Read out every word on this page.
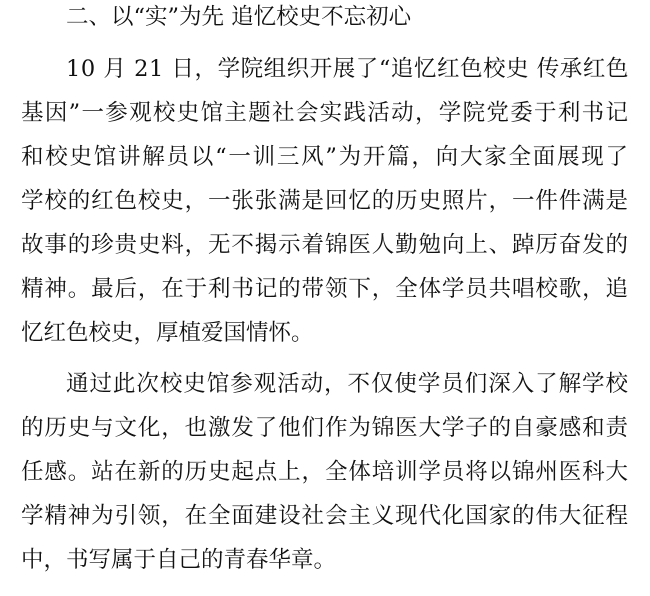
二、以“实”为先 追忆校史不忘初心
10 月 21 日，学院组织开展了“追忆红色校史 传承红色
基因”一参观校史馆主题社会实践活动，学院党委于利书记
和校史馆讲解员以“一训三风”为开篇，向大家全面展现了
学校的红色校史，一张张满是回忆的历史照片，一件件满是
故事的珍贵史料，无不揭示着锦医人勤勉向上、踔厉奋发的
精神。最后，在于利书记的带领下，全体学员共唱校歌，追
忆红色校史，厚植爱国情怀。
通过此次校史馆参观活动，不仅使学员们深入了解学校
的历史与文化，也激发了他们作为锦医大学子的自豪感和责
任感。站在新的历史起点上，全体培训学员将以锦州医科大
学精神为引领，在全面建设社会主义现代化国家的伟大征程
中，书写属于自己的青春华章。
